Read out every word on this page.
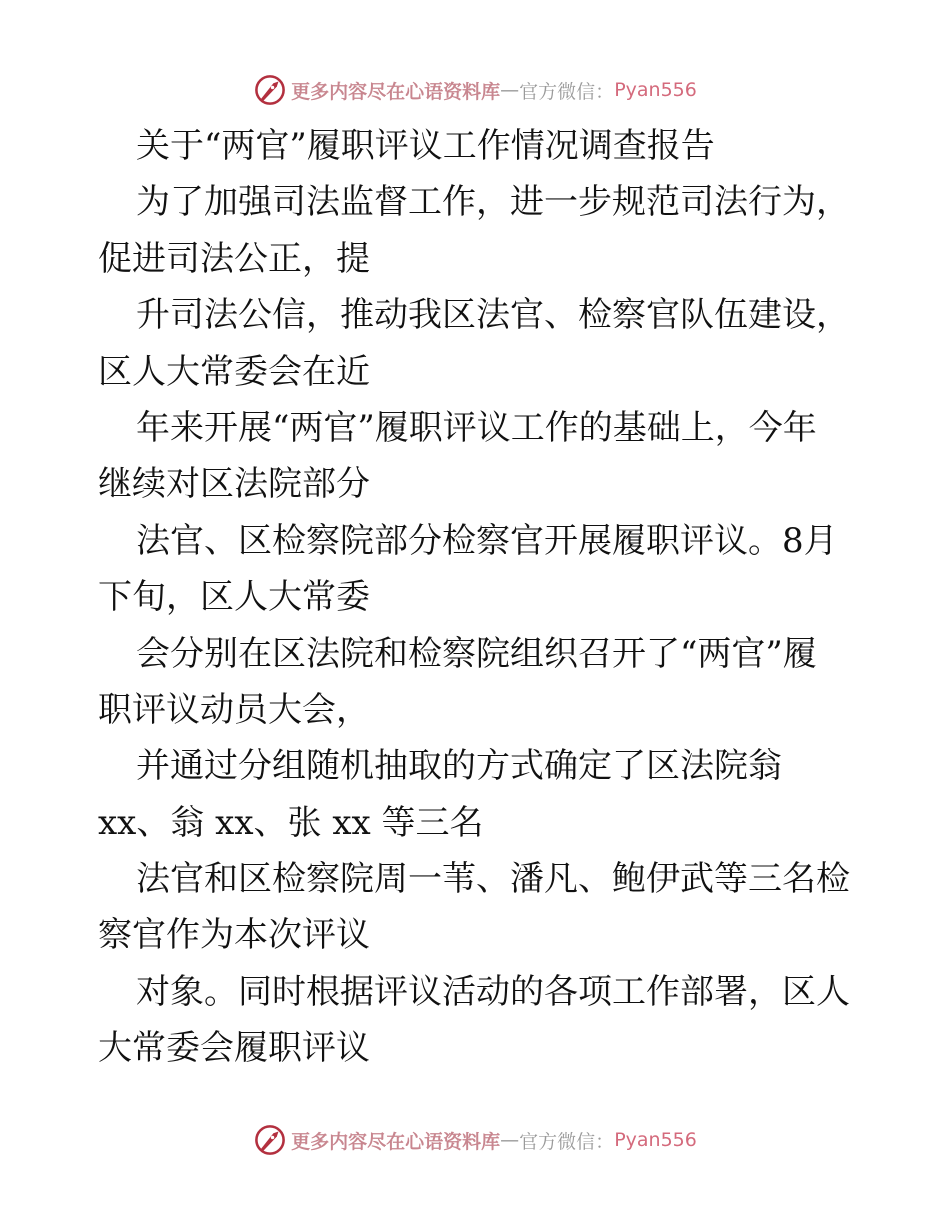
更多内容尽在心语资料库 — 官方微信： Pyan556
关于“两官”履职评议工作情况调查报告
为了加强司法监督工作，进一步规范司法行为，
促进司法公正，提
升司法公信，推动我区法官、检察官队伍建设，
区人大常委会在近
年来开展“两官”履职评议工作的基础上，今年
继续对区法院部分
法官、区检察院部分检察官开展履职评议。8月
下旬，区人大常委
会分别在区法院和检察院组织召开了“两官”履
职评议动员大会，
并通过分组随机抽取的方式确定了区法院翁
xx、翁 xx、张 xx 等三名
法官和区检察院周一苇、潘凡、鲍伊武等三名检
察官作为本次评议
对象。同时根据评议活动的各项工作部署，区人
大常委会履职评议
更多内容尽在心语资料库 — 官方微信： Pyan556
